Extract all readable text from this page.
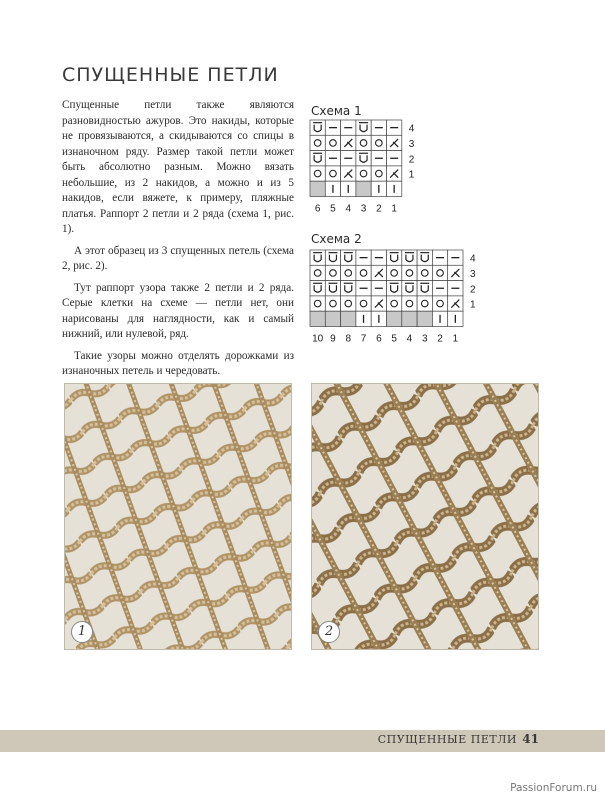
СПУЩЕННЫЕ ПЕТЛИ

Спущенные петли также являются разновидностью ажуров. Это накиды, которые не провязываются, а скидываются со спицы в изнаночном ряду. Размер такой петли может быть абсолютно разным. Можно вязать небольшие, из 2 накидов, а можно и из 5 накидов, если вяжете, к примеру, пляжные платья. Раппорт 2 петли и 2 ряда (схема 1, рис. 1).

А этот образец из 3 спущенных петель (схема 2, рис. 2).

Тут раппорт узора также 2 петли и 2 ряда. Серые клетки на схеме — петли нет, они нарисованы для наглядности, как и самый нижний, или нулевой, ряд.

Такие узоры можно отделять дорожками из изнаночных петель и чередовать.

Схема 1
4
3
2
1
6 5 4 3 2 1
Схема 2
4
3
2
1
10 9 8 7 6 5 4 3 2 1
1	2
СПУЩЕННЫЕ ПЕТЛИ 41
PassionForum.ru
